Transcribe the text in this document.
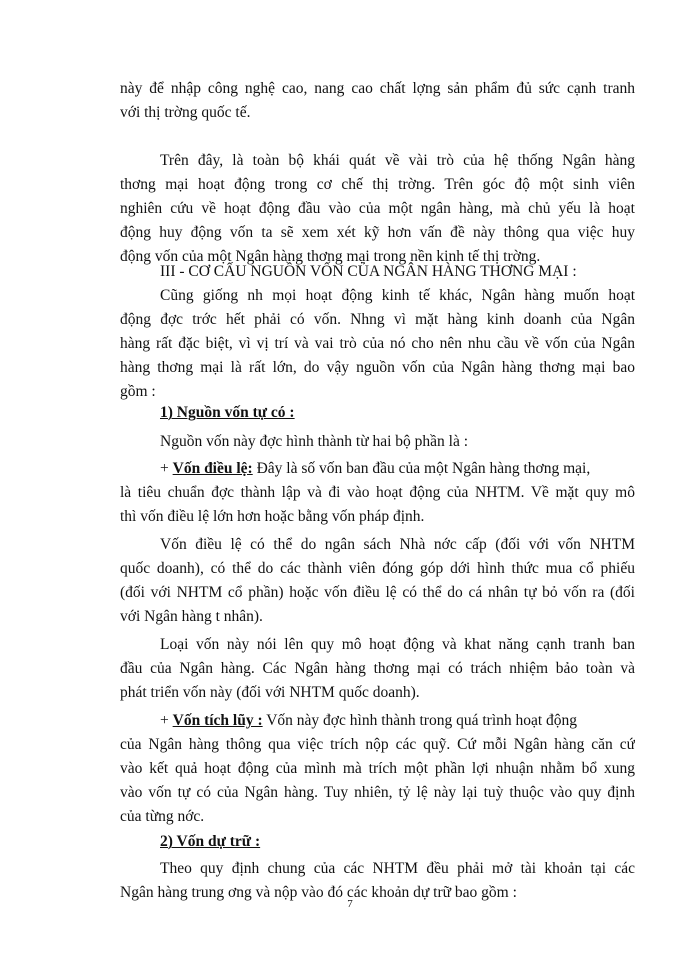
này để nhập công nghệ cao, nang cao chất lợng sản phẩm đủ sức cạnh tranh

với thị trờng quốc tế.

Trên đây, là toàn bộ khái quát về vài trò của hệ thống Ngân hàng

thơng mại hoạt động trong cơ chế thị trờng. Trên góc độ một sinh viên

nghiên cứu về hoạt động đầu vào của một ngân hàng, mà chủ yếu là hoạt

động huy động vốn ta sẽ xem xét kỹ hơn vấn đề này thông qua việc huy

động vốn của một Ngân hàng thơng mại trong nền kinh tế thị trờng.

III - CƠ CẤU NGUỒN VỐN CỦA NGÂN HÀNG THƠNG MẠI :

Cũng giống nh mọi hoạt động kinh tế khác, Ngân hàng muốn hoạt

động đợc trớc hết phải có vốn. Nhng vì mặt hàng kinh doanh của Ngân

hàng rất đặc biệt, vì vị trí và vai trò của nó cho nên nhu cầu về vốn của Ngân

hàng thơng mại là rất lớn, do vậy nguồn vốn của Ngân hàng thơng mại bao

gồm :

1) Nguồn vốn tự có :

Nguồn vốn này đợc hình thành từ hai bộ phần là :

+ Vốn điều lệ: Đây là số vốn ban đầu của một Ngân hàng thơng mại,

là tiêu chuẩn đợc thành lập và đi vào hoạt động của NHTM. Về mặt quy mô

thì vốn điều lệ lớn hơn hoặc bằng vốn pháp định.

Vốn điều lệ có thể do ngân sách Nhà nớc cấp (đối với vốn NHTM

quốc doanh), có thể do các thành viên đóng góp dới hình thức mua cổ phiếu

(đối với NHTM cổ phần) hoặc vốn điều lệ có thể do cá nhân tự bỏ vốn ra (đối

với Ngân hàng t nhân).

Loại vốn này nói lên quy mô hoạt động và khat năng cạnh tranh ban

đầu của Ngân hàng. Các Ngân hàng thơng mại có trách nhiệm bảo toàn và

phát triển vốn này (đối với NHTM quốc doanh).

+ Vốn tích lũy : Vốn này đợc hình thành trong quá trình hoạt động

của Ngân hàng thông qua việc trích nộp các quỹ. Cứ mỗi Ngân hàng căn cứ

vào kết quả hoạt động của mình mà trích một phần lợi nhuận nhằm bổ xung

vào vốn tự có của Ngân hàng. Tuy nhiên, tỷ lệ này lại tuỳ thuộc vào quy định

của từng nớc.

2) Vốn dự trữ :

Theo quy định chung của các NHTM đều phải mở tài khoản tại các

Ngân hàng trung ơng và nộp vào đó các khoản dự trữ bao gồm :

7
